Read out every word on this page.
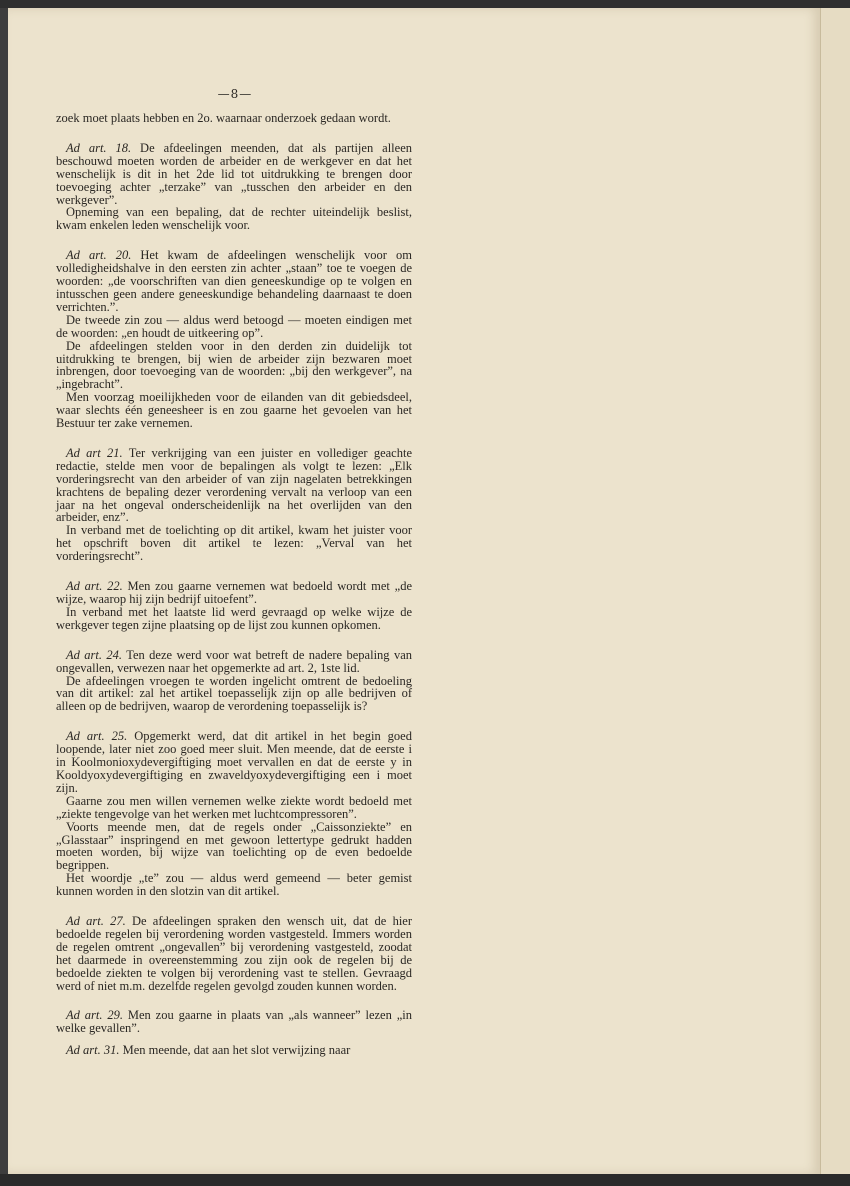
—8—

zoek moet plaats hebben en 2o. waarnaar onderzoek gedaan wordt.

Ad art. 18. De afdeelingen meenden, dat als partijen alleen beschouwd moeten worden de arbeider en de werkgever en dat het wenschelijk is dit in het 2de lid tot uitdrukking te brengen door toevoeging achter „terzake” van „tusschen den arbeider en den werkgever”.

Opneming van een bepaling, dat de rechter uiteindelijk beslist, kwam enkelen leden wenschelijk voor.

Ad art. 20. Het kwam de afdeelingen wenschelijk voor om volledigheidshalve in den eersten zin achter „staan” toe te voegen de woorden: „de voorschriften van dien geneeskundige op te volgen en intusschen geen andere geneeskundige behandeling daarnaast te doen verrichten.”.

De tweede zin zou — aldus werd betoogd — moeten eindigen met de woorden: „en houdt de uitkeering op”.

De afdeelingen stelden voor in den derden zin duidelijk tot uitdrukking te brengen, bij wien de arbeider zijn bezwaren moet inbrengen, door toevoeging van de woorden: „bij den werkgever”, na „ingebracht”.

Men voorzag moeilijkheden voor de eilanden van dit gebiedsdeel, waar slechts één geneesheer is en zou gaarne het gevoelen van het Bestuur ter zake vernemen.

Ad art 21. Ter verkrijging van een juister en vollediger geachte redactie, stelde men voor de bepalingen als volgt te lezen: „Elk vorderingsrecht van den arbeider of van zijn nagelaten betrekkingen krachtens de bepaling dezer verordening vervalt na verloop van een jaar na het ongeval onderscheidenlijk na het overlijden van den arbeider, enz”.

In verband met de toelichting op dit artikel, kwam het juister voor het opschrift boven dit artikel te lezen: „Verval van het vorderingsrecht”.

Ad art. 22. Men zou gaarne vernemen wat bedoeld wordt met „de wijze, waarop hij zijn bedrijf uitoefent”.

In verband met het laatste lid werd gevraagd op welke wijze de werkgever tegen zijne plaatsing op de lijst zou kunnen opkomen.

Ad art. 24. Ten deze werd voor wat betreft de nadere bepaling van ongevallen, verwezen naar het opgemerkte ad art. 2, 1ste lid.

De afdeelingen vroegen te worden ingelicht omtrent de bedoeling van dit artikel: zal het artikel toepasselijk zijn op alle bedrijven of alleen op de bedrijven, waarop de verordening toepasselijk is?

Ad art. 25. Opgemerkt werd, dat dit artikel in het begin goed loopende, later niet zoo goed meer sluit. Men meende, dat de eerste i in Koolmonioxydevergiftiging moet vervallen en dat de eerste y in Kooldyoxydevergiftiging en zwaveldyoxydevergiftiging een i moet zijn.

Gaarne zou men willen vernemen welke ziekte wordt bedoeld met „ziekte tengevolge van het werken met luchtcompressoren”.

Voorts meende men, dat de regels onder „Caissonziekte” en „Glasstaar” inspringend en met gewoon lettertype gedrukt hadden moeten worden, bij wijze van toelichting op de even bedoelde begrippen.

Het woordje „te” zou — aldus werd gemeend — beter gemist kunnen worden in den slotzin van dit artikel.

Ad art. 27. De afdeelingen spraken den wensch uit, dat de hier bedoelde regelen bij verordening worden vastgesteld. Immers worden de regelen omtrent „ongevallen” bij verordening vastgesteld, zoodat het daarmede in overeenstemming zou zijn ook de regelen bij de bedoelde ziekten te volgen bij verordening vast te stellen. Gevraagd werd of niet m.m. dezelfde regelen gevolgd zouden kunnen worden.

Ad art. 29. Men zou gaarne in plaats van „als wanneer” lezen „in welke gevallen”.

Ad art. 31. Men meende, dat aan het slot verwijzing naar
